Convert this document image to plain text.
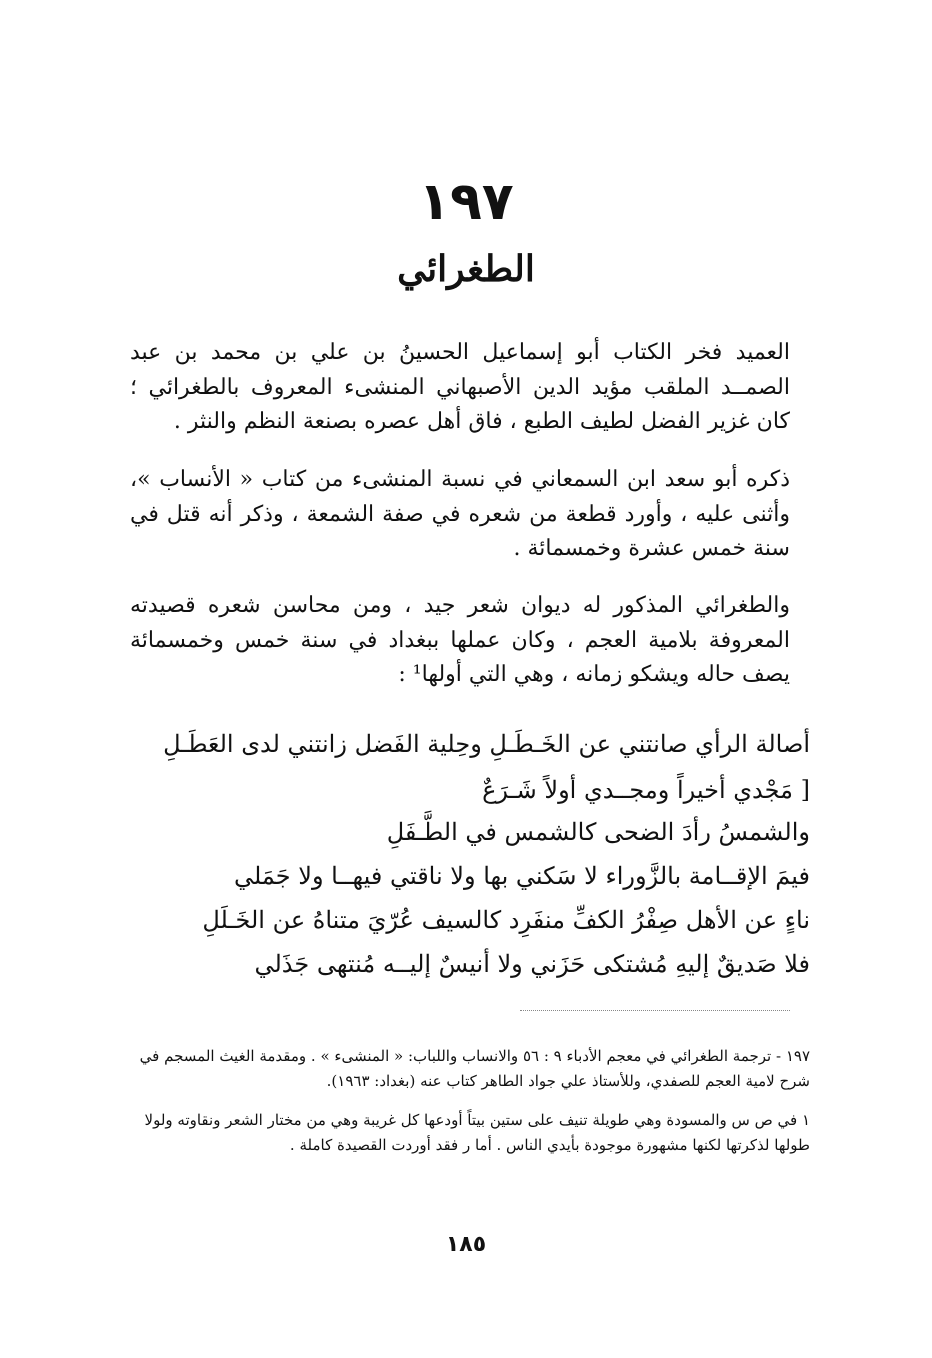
١٩٧
الطغرائي

العميد فخر الكتاب أبو إسماعيل الحسينُ بن علي بن محمد بن عبد الصمــد الملقب مؤيد الدين الأصبهاني المنشىء المعروف بالطغرائي ؛ كان غزير الفضل لطيف الطبع ، فاق أهل عصره بصنعة النظم والنثر .

ذكره أبو سعد ابن السمعاني في نسبة المنشىء من كتاب « الأنساب »، وأثنى عليه ، وأورد قطعة من شعره في صفة الشمعة ، وذكر أنه قتل في سنة خمس عشرة وخمسمائة .

والطغرائي المذكور له ديوان شعر جيد ، ومن محاسن شعره قصيدته المعروفة بلامية العجم ، وكان عملها ببغداد في سنة خمس وخمسمائة يصف حاله ويشكو زمانه ، وهي التي أولها¹ :

أصالة الرأي صانتني عن الخَـطَـلِ وحِلية الفَضل زانتني لدى العَطَـلِ
[ مَجْدي أخيراً ومجــدي أولاً شَـرَعٌ
والشمسُ رأدَ الضحى كالشمس في الطَّـفَلِ
فيمَ الإقــامة بالزَّوراء لا سَكني بها ولا ناقتي فيهــا ولا جَمَلي
ناءٍ عن الأهل صِفْرُ الكفِّ منفَرِد كالسيف عُرّيَ متناهُ عن الخَـلَلِ
فلا صَديقٌ إليهِ مُشتكى حَزَني ولا أنيسٌ إليــه مُنتهى جَذَلي

١٩٧ - ترجمة الطغرائي في معجم الأدباء ٩ : ٥٦ والانساب واللباب: « المنشىء » . ومقدمة الغيث المسجم في شرح لامية العجم للصفدي، وللأستاذ علي جواد الطاهر كتاب عنه (بغداد: ١٩٦٣).

١ في ص س والمسودة وهي طويلة تنيف على ستين بيتاً أودعها كل غريبة وهي من مختار الشعر ونقاوته ولولا طولها لذكرتها لكنها مشهورة موجودة بأيدي الناس . أما ر فقد أوردت القصيدة كاملة .

١٨٥
